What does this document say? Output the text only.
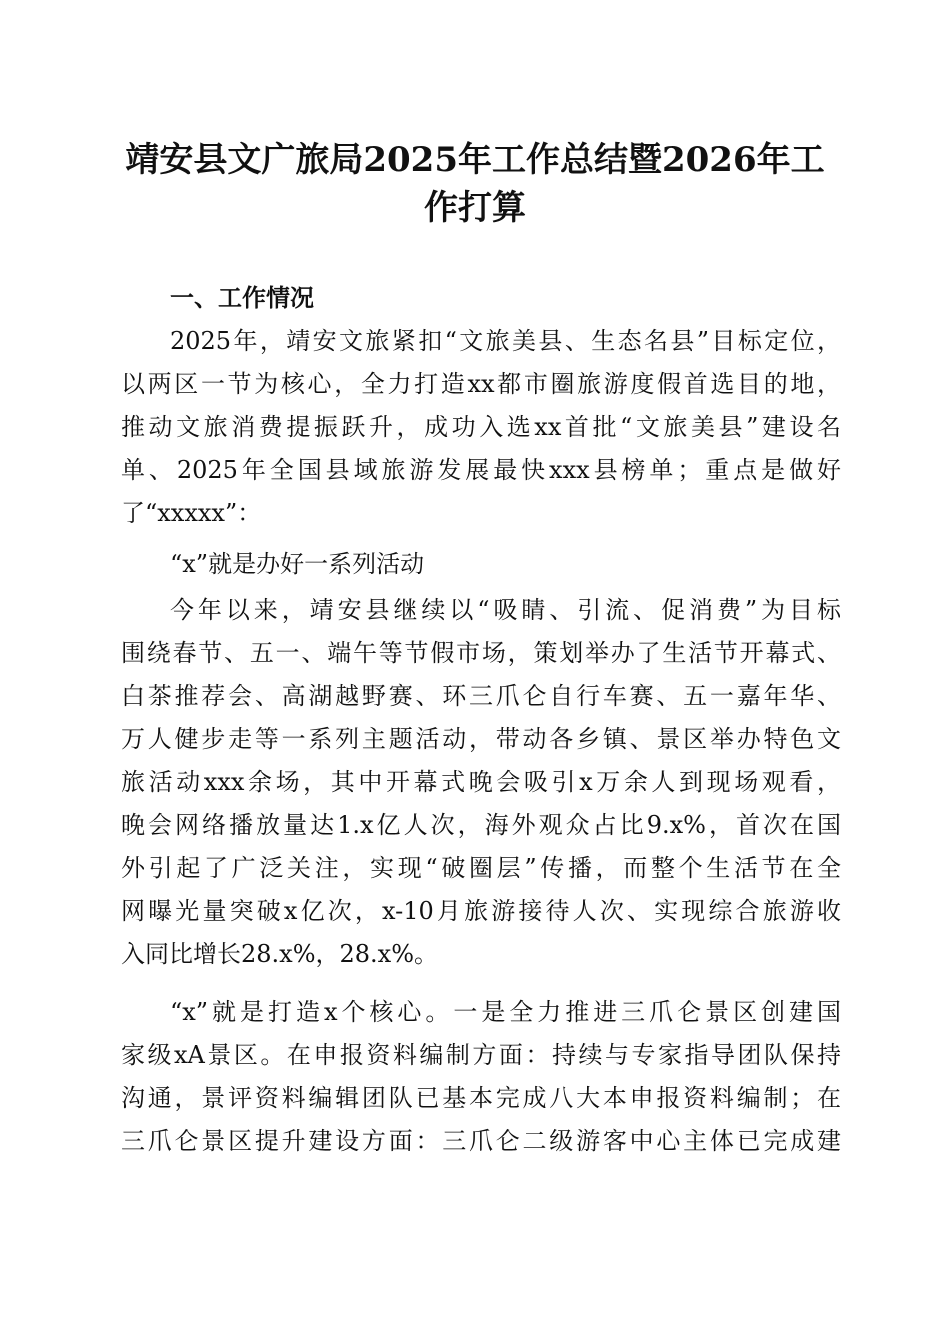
靖安县文广旅局2025年工作总结暨2026年工
作打算
一、工作情况
2025年，靖安文旅紧扣“文旅美县、生态名县”目标定位，
以两区一节为核心，全力打造xx都市圈旅游度假首选目的地，
推动文旅消费提振跃升，成功入选xx首批“文旅美县”建设名
单、2025年全国县域旅游发展最快xxx县榜单；重点是做好
了“xxxxx”：
“x”就是办好一系列活动
今年以来，靖安县继续以“吸睛、引流、促消费”为目标
围绕春节、五一、端午等节假市场，策划举办了生活节开幕式、
白茶推荐会、高湖越野赛、环三爪仑自行车赛、五一嘉年华、
万人健步走等一系列主题活动，带动各乡镇、景区举办特色文
旅活动xxx余场，其中开幕式晚会吸引x万余人到现场观看，
晚会网络播放量达1.x亿人次，海外观众占比9.x%，首次在国
外引起了广泛关注，实现“破圈层”传播，而整个生活节在全
网曝光量突破x亿次，x-10月旅游接待人次、实现综合旅游收
入同比增长28.x%，28.x%。
“x”就是打造x个核心。一是全力推进三爪仑景区创建国
家级xA景区。在申报资料编制方面：持续与专家指导团队保持
沟通，景评资料编辑团队已基本完成八大本申报资料编制；在
三爪仑景区提升建设方面：三爪仑二级游客中心主体已完成建
